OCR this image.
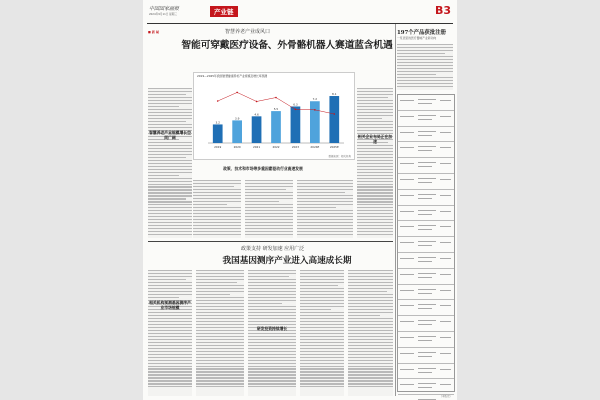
中国国家画报
2024年9月11日 星期三	产业链	B3
■ 新 闻	智慧养老产业成风口
智能可穿戴医疗设备、外骨骼机器人赛道蓝含机遇
智慧养老产业规模增长空间广阔
2019—2025年我国智慧健康养老产业规模及增长率预测
3.2
2019
3.9
2020
4.6
2021
5.5
2022
6.3
2023
7.2
2024E
8.1
2025E
数据来源：相关机构
政策、技术和市场等多重因素驱动行业高速发展
相关企业布局正在加速
政策支持 研发加速 应用广泛
我国基因测序产业进入高速成长期
相关机构预测基因测序产业市场规模
研发投资持续增长
197个产品获批注册
一览表里的医疗器械产业新动向
（本版完）
